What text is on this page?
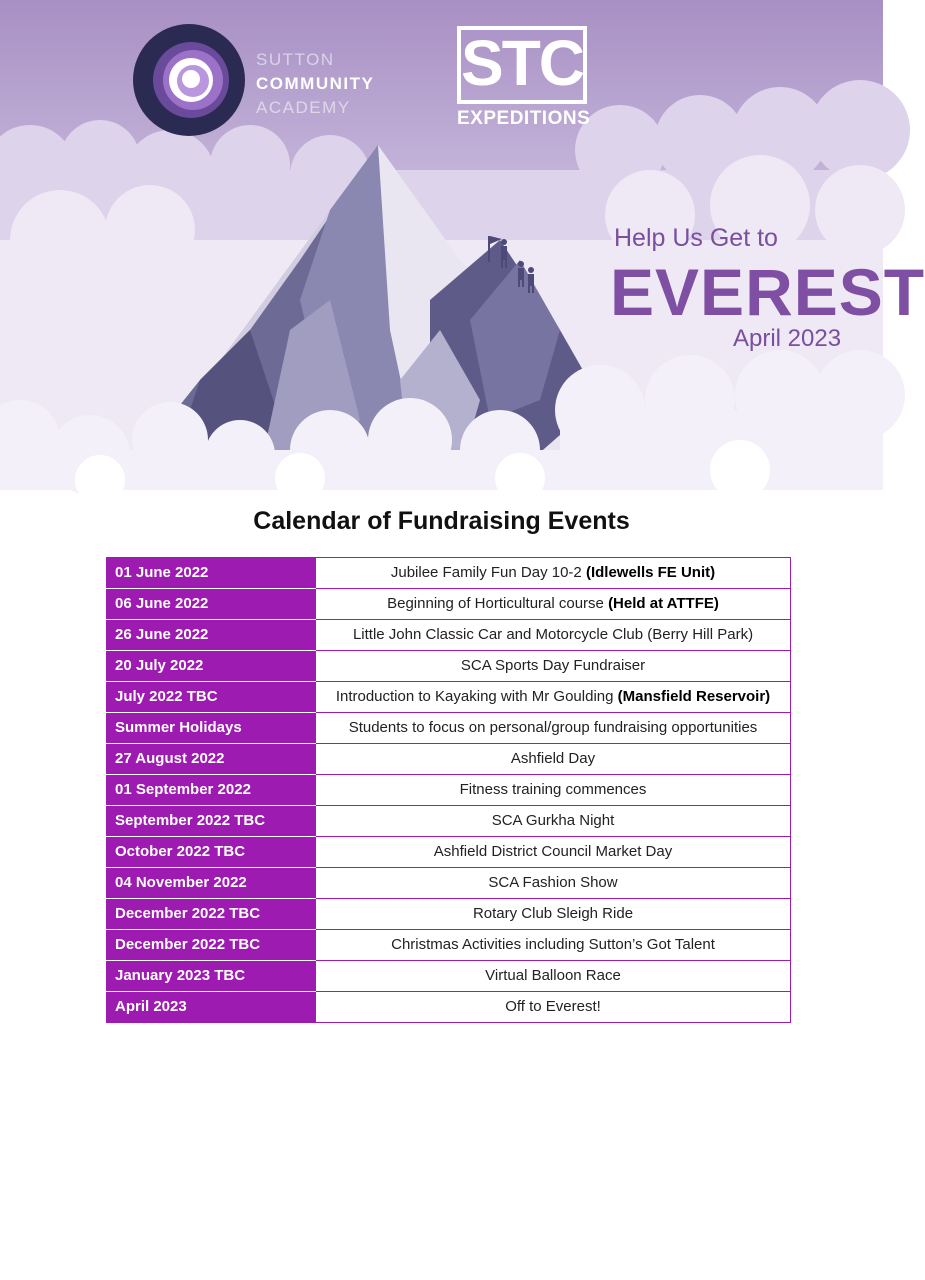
SUTTON
COMMUNITY
ACADEMY
STC
EXPEDITIONS
Help Us Get to
EVEREST
April 2023
Calendar of Fundraising Events
01 June 2022	Jubilee Family Fun Day 10-2 (Idlewells FE Unit)
06 June 2022	Beginning of Horticultural course (Held at ATTFE)
26 June 2022	Little John Classic Car and Motorcycle Club (Berry Hill Park)
20 July 2022	SCA Sports Day Fundraiser
July 2022 TBC	Introduction to Kayaking with Mr Goulding (Mansfield Reservoir)
Summer Holidays	Students to focus on personal/group fundraising opportunities
27 August 2022	Ashfield Day
01 September 2022	Fitness training commences
September 2022 TBC	SCA Gurkha Night
October 2022 TBC	Ashfield District Council Market Day
04 November 2022	SCA Fashion Show
December 2022 TBC	Rotary Club Sleigh Ride
December 2022 TBC	Christmas Activities including Sutton’s Got Talent
January 2023 TBC	Virtual Balloon Race
April 2023	Off to Everest!
